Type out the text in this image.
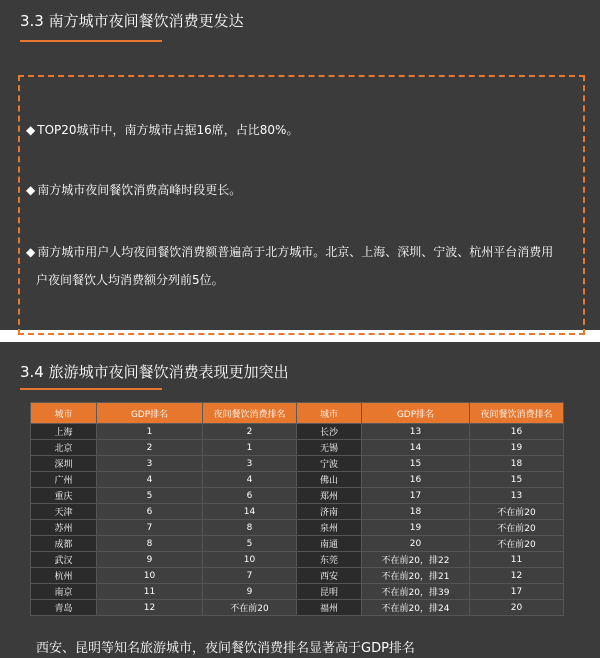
3.3 南方城市夜间餐饮消费更发达
◆ TOP20城市中，南方城市占据16席，占比80%。
◆ 南方城市夜间餐饮消费高峰时段更长。
◆ 南方城市用户人均夜间餐饮消费额普遍高于北方城市。北京、上海、深圳、宁波、杭州平台消费用
户夜间餐饮人均消费额分列前5位。
3.4 旅游城市夜间餐饮消费表现更加突出
城市	GDP排名	夜间餐饮消费排名	城市	GDP排名	夜间餐饮消费排名
上海	1	2	长沙	13	16
北京	2	1	无锡	14	19
深圳	3	3	宁波	15	18
广州	4	4	佛山	16	15
重庆	5	6	郑州	17	13
天津	6	14	济南	18	不在前20
苏州	7	8	泉州	19	不在前20
成都	8	5	南通	20	不在前20
武汉	9	10	东莞	不在前20，排22	11
杭州	10	7	西安	不在前20，排21	12
南京	11	9	昆明	不在前20，排39	17
青岛	12	不在前20	福州	不在前20，排24	20
西安、昆明等知名旅游城市，夜间餐饮消费排名显著高于GDP排名
